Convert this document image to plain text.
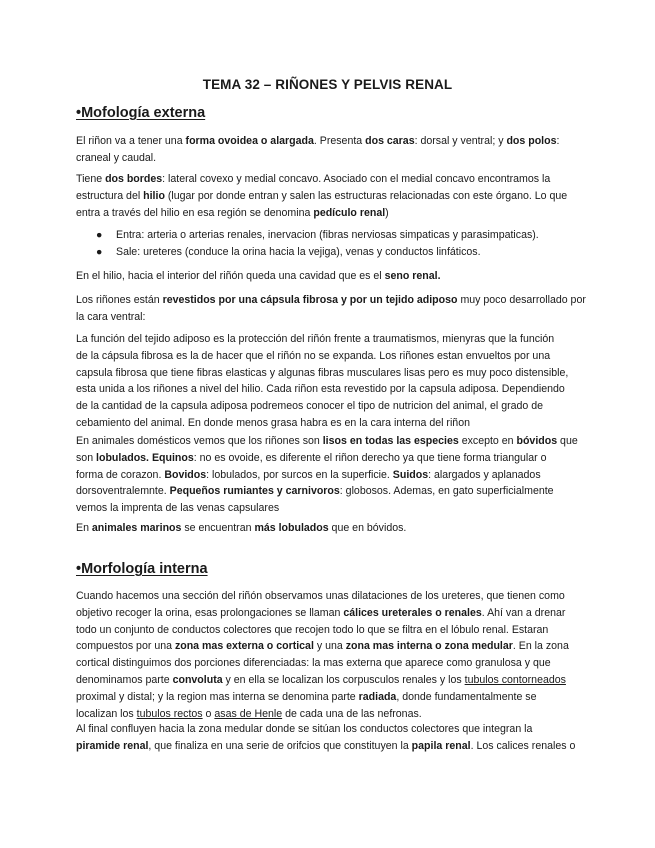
TEMA 32 – RIÑONES Y PELVIS RENAL
•Mofología externa
El riñon va a tener una forma ovoidea o alargada. Presenta dos caras: dorsal y ventral; y dos polos:
craneal y caudal.
Tiene dos bordes: lateral covexo y medial concavo. Asociado con el medial concavo encontramos la
estructura del hilio (lugar por donde entran y salen las estructuras relacionadas con este órgano. Lo que
entra a través del hilio en esa región se denomina pedículo renal)
● Entra: arteria o arterias renales, inervacion (fibras nerviosas simpaticas y parasimpaticas).
● Sale: ureteres (conduce la orina hacia la vejiga), venas y conductos linfáticos.
En el hilio, hacia el interior del riñón queda una cavidad que es el seno renal.
Los riñones están revestidos por una cápsula fibrosa y por un tejido adiposo muy poco desarrollado por
la cara ventral:
La función del tejido adiposo es la protección del riñón frente a traumatismos, mienyras que la función
de la cápsula fibrosa es la de hacer que el riñón no se expanda. Los riñones estan envueltos por una
capsula fibrosa que tiene fibras elasticas y algunas fibras musculares lisas pero es muy poco distensible,
esta unida a los riñones a nivel del hilio. Cada riñon esta revestido por la capsula adiposa. Dependiendo
de la cantidad de la capsula adiposa podremeos conocer el tipo de nutricion del animal, el grado de
cebamiento del animal. En donde menos grasa habra es en la cara interna del riñon
En animales domésticos vemos que los riñones son lisos en todas las especies excepto en bóvidos que
son lobulados. Equinos: no es ovoide, es diferente el riñon derecho ya que tiene forma triangular o
forma de corazon. Bovidos: lobulados, por surcos en la superficie. Suidos: alargados y aplanados
dorsoventralemnte. Pequeños rumiantes y carnivoros: globosos. Ademas, en gato superficialmente
vemos la imprenta de las venas capsulares
En animales marinos se encuentran más lobulados que en bóvidos.
•Morfología interna
Cuando hacemos una sección del riñón observamos unas dilataciones de los ureteres, que tienen como
objetivo recoger la orina, esas prolongaciones se llaman cálices ureterales o renales. Ahí van a drenar
todo un conjunto de conductos colectores que recojen todo lo que se filtra en el lóbulo renal. Estaran
compuestos por una zona mas externa o cortical y una zona mas interna o zona medular. En la zona
cortical distinguimos dos porciones diferenciadas: la mas externa que aparece como granulosa y que
denominamos parte convoluta y en ella se localizan los corpusculos renales y los tubulos contorneados
proximal y distal; y la region mas interna se denomina parte radiada, donde fundamentalmente se
localizan los tubulos rectos o asas de Henle de cada una de las nefronas.
Al final confluyen hacia la zona medular donde se sitúan los conductos colectores que integran la
piramide renal, que finaliza en una serie de orifcios que constituyen la papila renal. Los calices renales o
